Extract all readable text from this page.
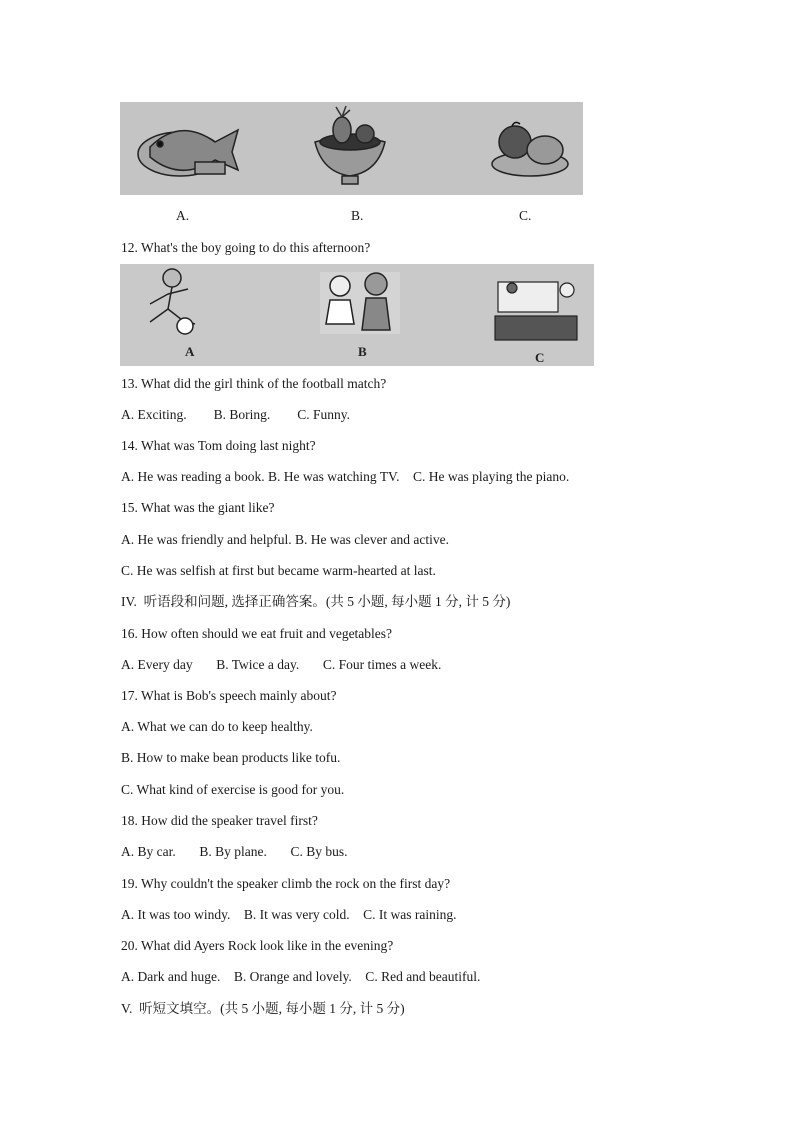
A.	B.	C.
12. What's the boy going to do this afternoon?
A	B	C
13. What did the girl think of the football match?
A. Exciting.        B. Boring.        C. Funny.
14. What was Tom doing last night?
A. He was reading a book. B. He was watching TV.    C. He was playing the piano.
15. What was the giant like?
A. He was friendly and helpful. B. He was clever and active.
C. He was selfish at first but became warm-hearted at last.
IV.  听语段和问题, 选择正确答案。(共 5 小题, 每小题 1 分, 计 5 分)
16. How often should we eat fruit and vegetables?
A. Every day       B. Twice a day.       C. Four times a week.
17. What is Bob's speech mainly about?
A. What we can do to keep healthy.
B. How to make bean products like tofu.
C. What kind of exercise is good for you.
18. How did the speaker travel first?
A. By car.       B. By plane.       C. By bus.
19. Why couldn't the speaker climb the rock on the first day?
A. It was too windy.    B. It was very cold.    C. It was raining.
20. What did Ayers Rock look like in the evening?
A. Dark and huge.    B. Orange and lovely.    C. Red and beautiful.
V.  听短文填空。(共 5 小题, 每小题 1 分, 计 5 分)
